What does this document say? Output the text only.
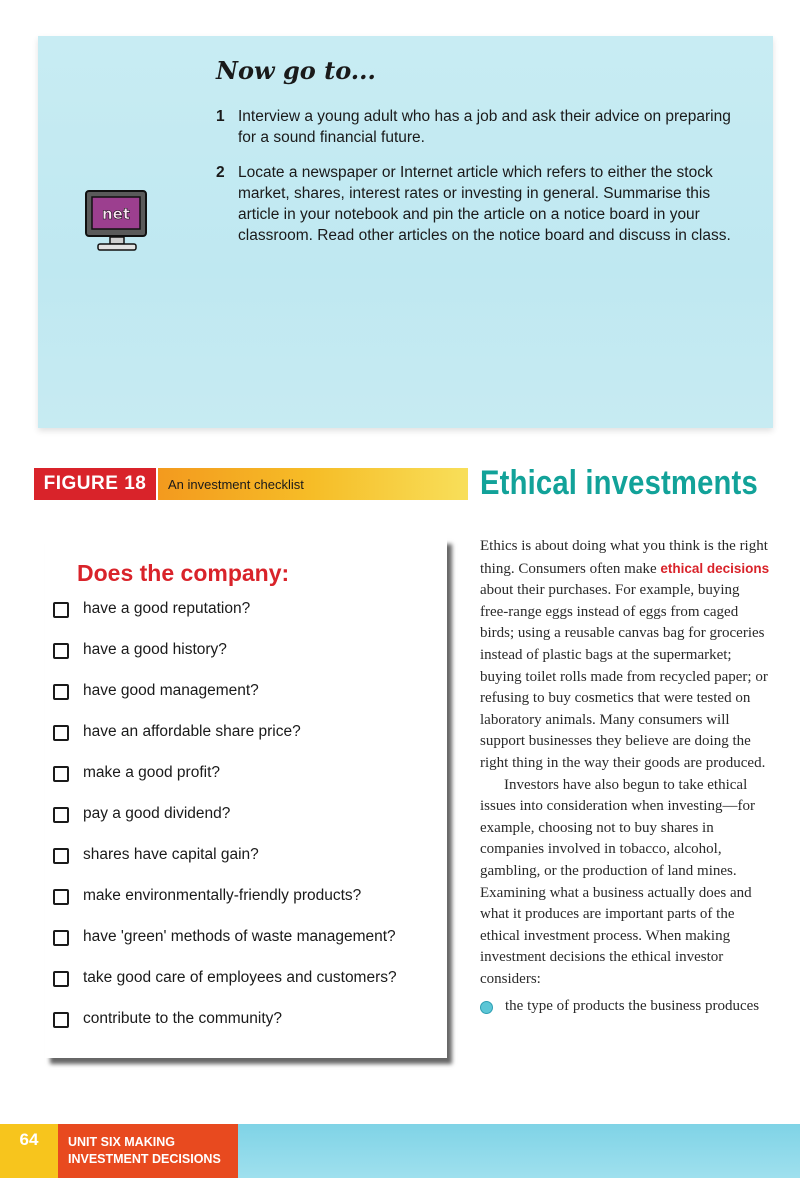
Now go to...
net
1 Interview a young adult who has a job and ask their advice on preparing for a sound financial future.
2 Locate a newspaper or Internet article which refers to either the stock market, shares, interest rates or investing in general. Summarise this article in your notebook and pin the article on a notice board in your classroom. Read other articles on the notice board and discuss in class.
FIGURE 18	An investment checklist	Ethical investments
Does the company:
have a good reputation?
have a good history?
have good management?
have an affordable share price?
make a good profit?
pay a good dividend?
shares have capital gain?
make environmentally-friendly products?
have 'green' methods of waste management?
take good care of employees and customers?
contribute to the community?

Ethics is about doing what you think is the right thing. Consumers often make ethical decisions about their purchases. For example, buying free-range eggs instead of eggs from caged birds; using a reusable canvas bag for groceries instead of plastic bags at the supermarket; buying toilet rolls made from recycled paper; or refusing to buy cosmetics that were tested on laboratory animals. Many consumers will support businesses they believe are doing the right thing in the way their goods are produced.

Investors have also begun to take ethical issues into consideration when investing—for example, choosing not to buy shares in companies involved in tobacco, alcohol, gambling, or the production of land mines. Examining what a business actually does and what it produces are important parts of the ethical investment process. When making investment decisions the ethical investor considers:

the type of products the business produces
64	UNIT SIX MAKING
INVESTMENT DECISIONS
